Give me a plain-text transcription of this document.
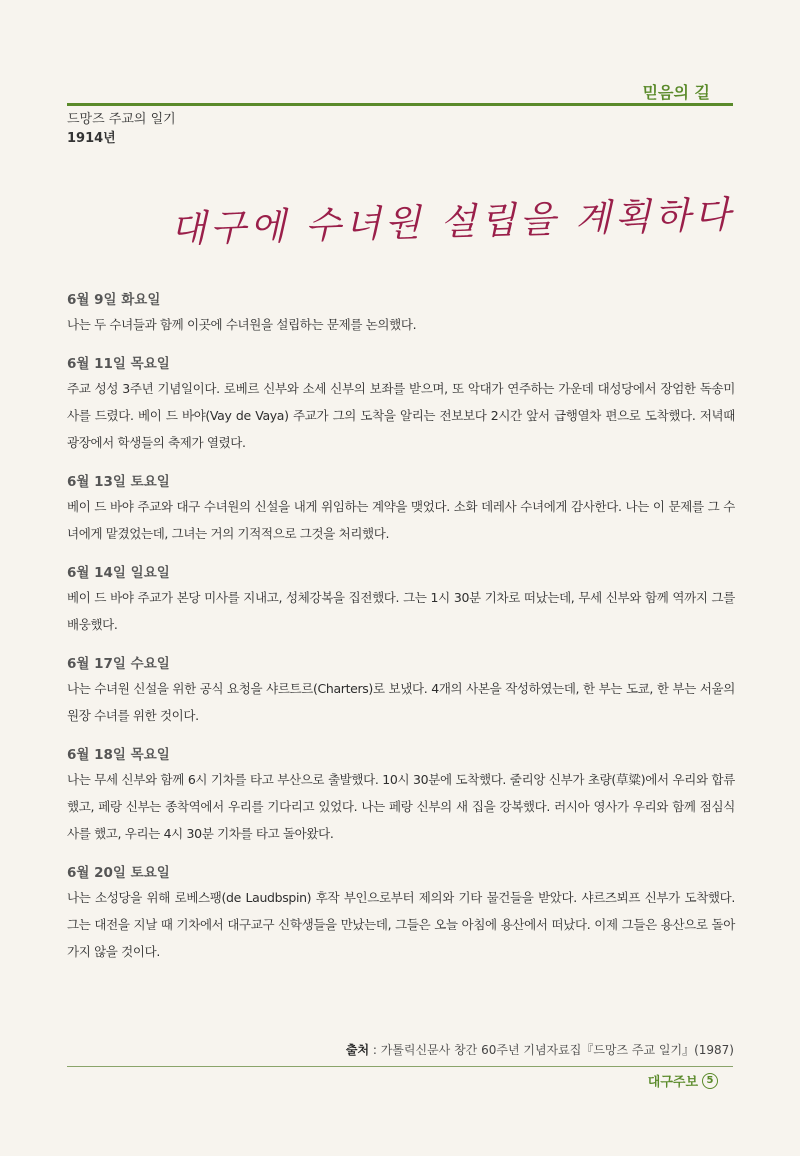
믿음의 길
드망즈 주교의 일기
1914년
대구에 수녀원 설립을 계획하다
6월 9일 화요일
나는 두 수녀들과 함께 이곳에 수녀원을 설립하는 문제를 논의했다.
6월 11일 목요일
주교 성성 3주년 기념일이다. 로베르 신부와 소세 신부의 보좌를 받으며, 또 악대가 연주하는 가운데 대성당에서 장엄한 독송미사를 드렸다. 베이 드 바야(Vay de Vaya) 주교가 그의 도착을 알리는 전보보다 2시간 앞서 급행열차 편으로 도착했다. 저녁때 광장에서 학생들의 축제가 열렸다.
6월 13일 토요일
베이 드 바야 주교와 대구 수녀원의 신설을 내게 위임하는 계약을 맺었다. 소화 데레사 수녀에게 감사한다. 나는 이 문제를 그 수녀에게 맡겼었는데, 그녀는 거의 기적적으로 그것을 처리했다.
6월 14일 일요일
베이 드 바야 주교가 본당 미사를 지내고, 성체강복을 집전했다. 그는 1시 30분 기차로 떠났는데, 무세 신부와 함께 역까지 그를 배웅했다.
6월 17일 수요일
나는 수녀원 신설을 위한 공식 요청을 샤르트르(Charters)로 보냈다. 4개의 사본을 작성하였는데, 한 부는 도쿄, 한 부는 서울의 원장 수녀를 위한 것이다.
6월 18일 목요일
나는 무세 신부와 함께 6시 기차를 타고 부산으로 출발했다. 10시 30분에 도착했다. 줄리앙 신부가 초량(草粱)에서 우리와 합류했고, 페랑 신부는 종착역에서 우리를 기다리고 있었다. 나는 페랑 신부의 새 집을 강복했다. 러시아 영사가 우리와 함께 점심식사를 했고, 우리는 4시 30분 기차를 타고 돌아왔다.
6월 20일 토요일
나는 소성당을 위해 로베스팽(de Laudbspin) 후작 부인으로부터 제의와 기타 물건들을 받았다. 샤르즈뵈프 신부가 도착했다. 그는 대전을 지날 때 기차에서 대구교구 신학생들을 만났는데, 그들은 오늘 아침에 용산에서 떠났다. 이제 그들은 용산으로 돌아가지 않을 것이다.
출처 : 가톨릭신문사 창간 60주년 기념자료집『드망즈 주교 일기』(1987)
대구주보 5
